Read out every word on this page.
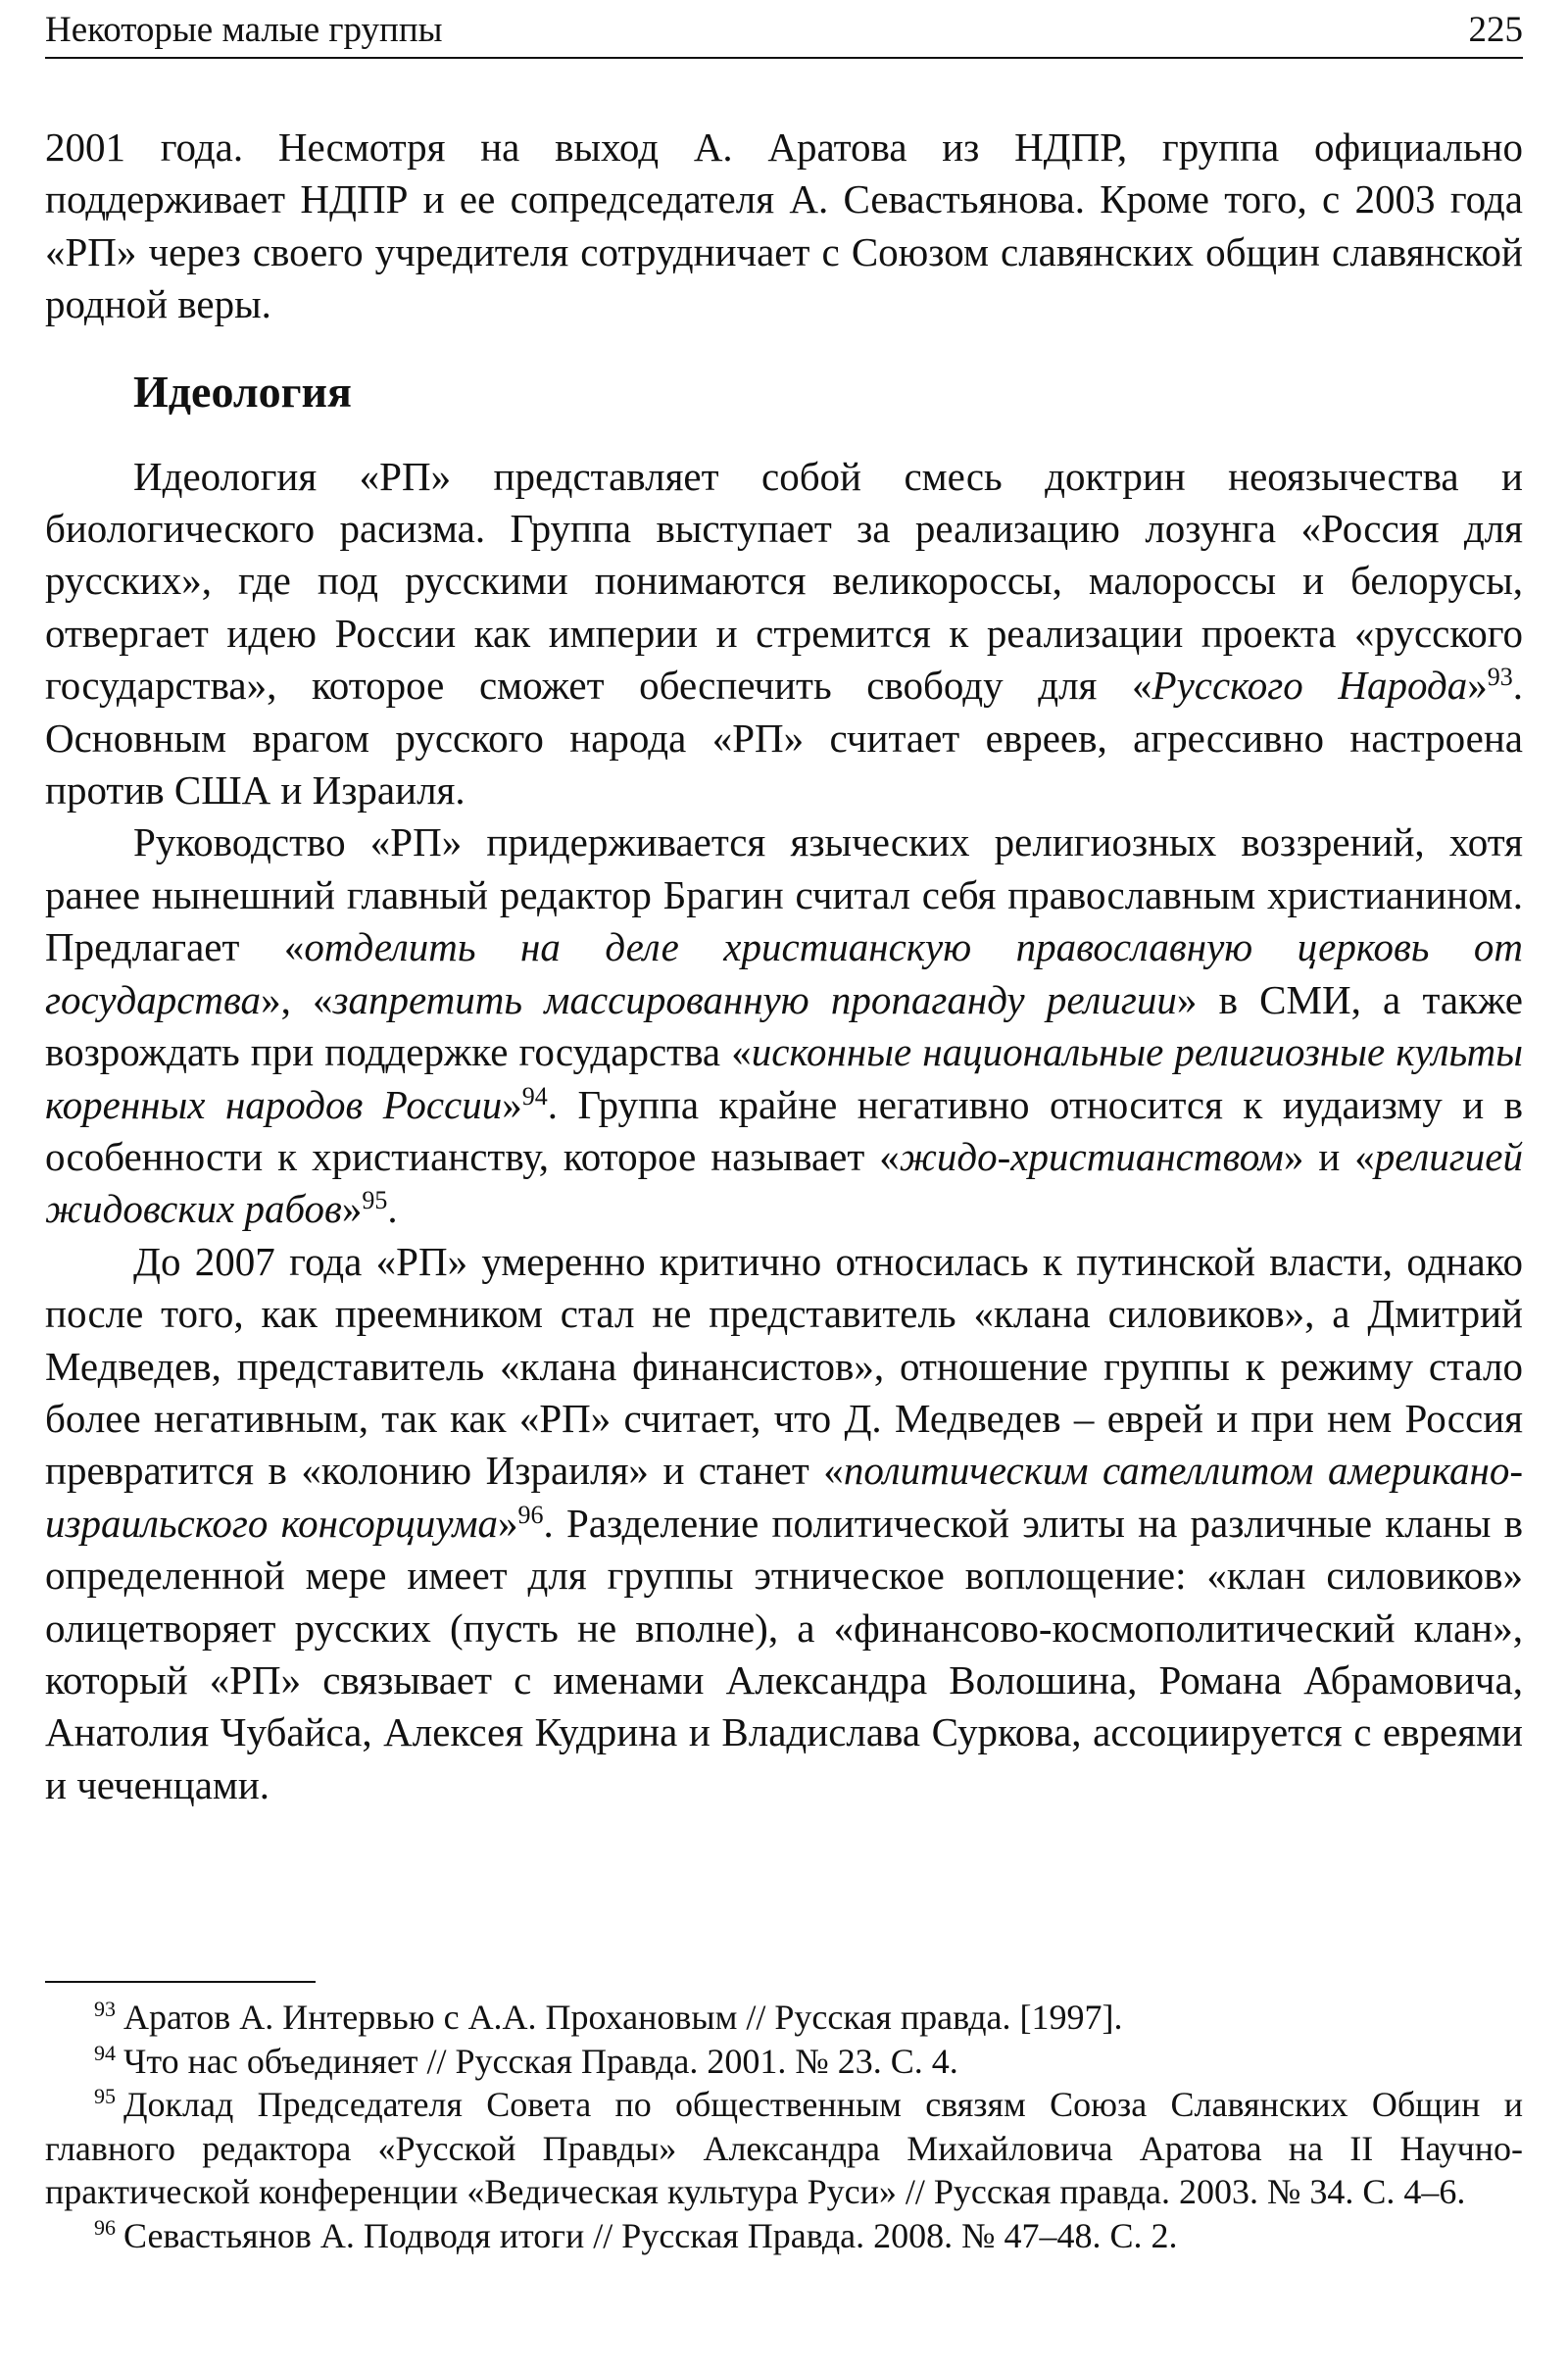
Некоторые малые группы	225

2001 года. Несмотря на выход А. Аратова из НДПР, группа официально поддерживает НДПР и ее сопредседателя А. Севастьянова. Кроме того, с 2003 года «РП» через своего учредителя сотрудничает с Союзом славянских общин славянской родной веры.

Идеология

Идеология «РП» представляет собой смесь доктрин неоязычества и биологического расизма. Группа выступает за реализацию лозунга «Россия для русских», где под русскими понимаются великороссы, малороссы и белорусы, отвергает идею России как империи и стремится к реализации проекта «русского государства», которое сможет обеспечить свободу для «Русского Народа»$^{93}$. Основным врагом русского народа «РП» считает евреев, агрессивно настроена против США и Израиля.

Руководство «РП» придерживается языческих религиозных воззрений, хотя ранее нынешний главный редактор Брагин считал себя православным христианином. Предлагает «отделить на деле христианскую православную церковь от государства», «запретить массированную пропаганду религии» в СМИ, а также возрождать при поддержке государства «исконные национальные религиозные культы коренных народов России»$^{94}$. Группа крайне негативно относится к иудаизму и в особенности к христианству, которое называет «жидо-христианством» и «религией жидовских рабов»$^{95}$.

До 2007 года «РП» умеренно критично относилась к путинской власти, однако после того, как преемником стал не представитель «клана силовиков», а Дмитрий Медведев, представитель «клана финансистов», отношение группы к режиму стало более негативным, так как «РП» считает, что Д. Медведев – еврей и при нем Россия превратится в «колонию Израиля» и станет «политическим сателлитом американо-израильского консорциума»$^{96}$. Разделение политической элиты на различные кланы в определенной мере имеет для группы этническое воплощение: «клан силовиков» олицетворяет русских (пусть не вполне), а «финансово-космополитический клан», который «РП» связывает с именами Александра Волошина, Романа Абрамовича, Анатолия Чубайса, Алексея Кудрина и Владислава Суркова, ассоциируется с евреями и чеченцами.

$^{93}$ Аратов А. Интервью с А.А. Прохановым // Русская правда. [1997].

$^{94}$ Что нас объединяет // Русская Правда. 2001. № 23. С. 4.

$^{95}$ Доклад Председателя Совета по общественным связям Союза Славянских Общин и главного редактора «Русской Правды» Александра Михайловича Аратова на II Научно-практической конференции «Ведическая культура Руси» // Русская правда. 2003. № 34. С. 4–6.

$^{96}$ Севастьянов А. Подводя итоги // Русская Правда. 2008. № 47–48. С. 2.
